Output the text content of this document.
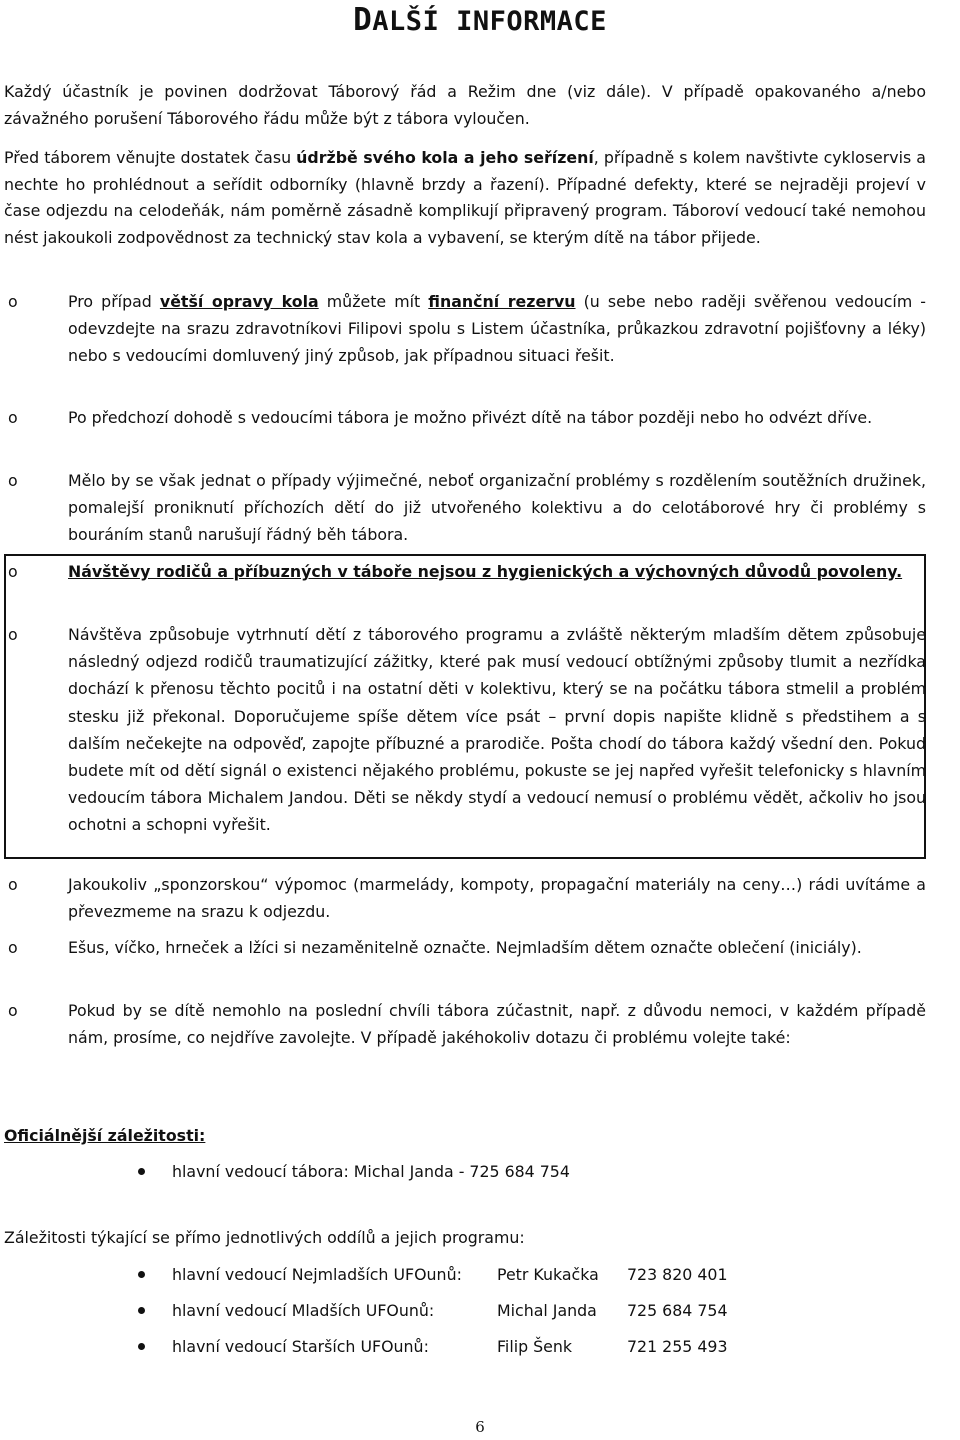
DALŠÍ INFORMACE

Každý účastník je povinen dodržovat Táborový řád a Režim dne (viz dále). V případě opakovaného a/nebo závažného porušení Táborového řádu může být z tábora vyloučen.

Před táborem věnujte dostatek času údržbě svého kola a jeho seřízení, případně s kolem navštivte cykloservis a nechte ho prohlédnout a seřídit odborníky (hlavně brzdy a řazení). Případné defekty, které se nejraději projeví v čase odjezdu na celodeňák, nám poměrně zásadně komplikují připravený program. Táboroví vedoucí také nemohou nést jakoukoli zodpovědnost za technický stav kola a vybavení, se kterým dítě na tábor přijede.

o	Pro případ větší opravy kola můžete mít finanční rezervu (u sebe nebo raději svěřenou vedoucím - odevzdejte na srazu zdravotníkovi Filipovi spolu s Listem účastníka, průkazkou zdravotní pojišťovny a léky) nebo s vedoucími domluvený jiný způsob, jak případnou situaci řešit.
o	Po předchozí dohodě s vedoucími tábora je možno přivézt dítě na tábor později nebo ho odvézt dříve.
o	Mělo by se však jednat o případy výjimečné, neboť organizační problémy s rozdělením soutěžních družinek, pomalejší proniknutí příchozích dětí do již utvořeného kolektivu a do celotáborové hry či problémy s bouráním stanů narušují řádný běh tábora.
o	Návštěvy rodičů a příbuzných v táboře nejsou z hygienických a výchovných důvodů povoleny.
o	Návštěva způsobuje vytrhnutí dětí z táborového programu a zvláště některým mladším dětem způsobuje následný odjezd rodičů traumatizující zážitky, které pak musí vedoucí obtížnými způsoby tlumit a nezřídka dochází k přenosu těchto pocitů i na ostatní děti v kolektivu, který se na počátku tábora stmelil a problém stesku již překonal. Doporučujeme spíše dětem více psát – první dopis napište klidně s předstihem a s dalším nečekejte na odpověď, zapojte příbuzné a prarodiče. Pošta chodí do tábora každý všední den. Pokud budete mít od dětí signál o existenci nějakého problému, pokuste se jej napřed vyřešit telefonicky s hlavním vedoucím tábora Michalem Jandou. Děti se někdy stydí a vedoucí nemusí o problému vědět, ačkoliv ho jsou ochotni a schopni vyřešit.
o	Jakoukoliv „sponzorskou“ výpomoc (marmelády, kompoty, propagační materiály na ceny…) rádi uvítáme a převezmeme na srazu k odjezdu.
o	Ešus, víčko, hrneček a lžíci si nezaměnitelně označte. Nejmladším dětem označte oblečení (iniciály).
o	Pokud by se dítě nemohlo na poslední chvíli tábora zúčastnit, např. z důvodu nemoci, v každém případě nám, prosíme, co nejdříve zavolejte. V případě jakéhokoliv dotazu či problému volejte také:

Oficiálnější záležitosti:

hlavní vedoucí tábora: Michal Janda - 725 684 754

Záležitosti týkající se přímo jednotlivých oddílů a jejich programu:

hlavní vedoucí Nejmladších UFOunů: Petr Kukačka 723 820 401
hlavní vedoucí Mladších UFOunů:	Michal Janda 725 684 754
hlavní vedoucí Starších UFOunů:	Filip Šenk	721 255 493
6
